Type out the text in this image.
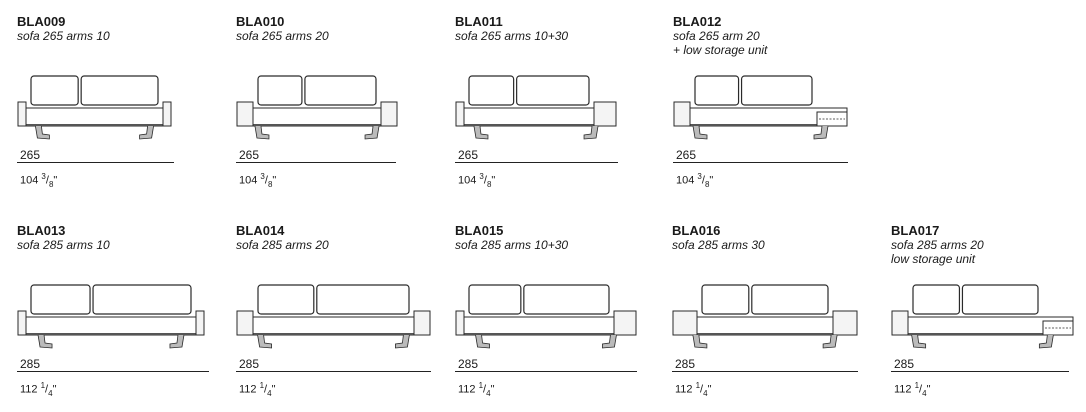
BLA009
sofa 265 arms 10
265
104 $^3/_8$"
BLA010
sofa 265 arms 20
265
104 $^3/_8$"
BLA011
sofa 265 arms 10+30
265
104 $^3/_8$"
BLA012
sofa 265 arm 20
+ low storage unit
265
104 $^3/_8$"
BLA013
sofa 285 arms 10
285
112 $^1/_4$"
BLA014
sofa 285 arms 20
285
112 $^1/_4$"
BLA015
sofa 285 arms 10+30
285
112 $^1/_4$"
BLA016
sofa 285 arms 30
285
112 $^1/_4$"
BLA017
sofa 285 arms 20
low storage unit
285
112 $^1/_4$"
